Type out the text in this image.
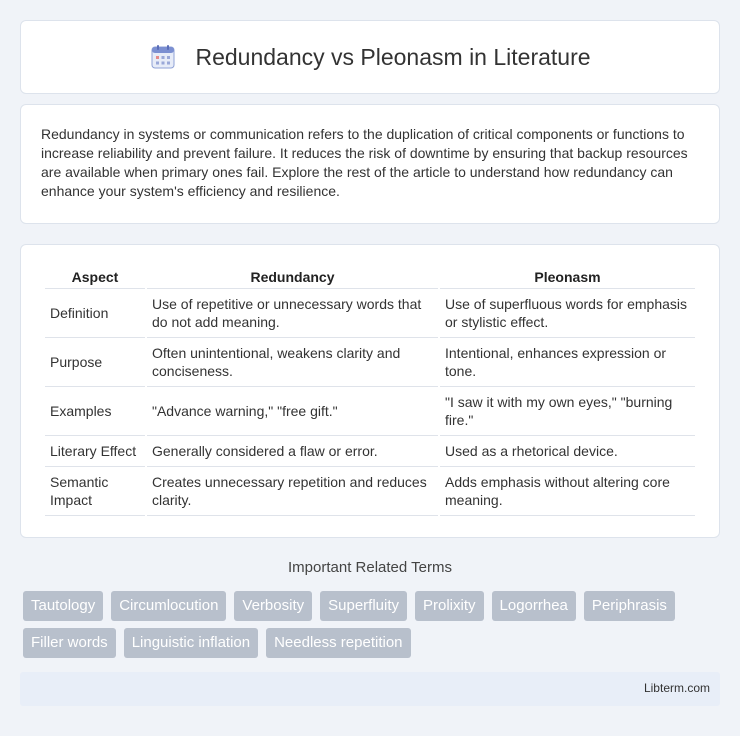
Redundancy vs Pleonasm in Literature

Redundancy in systems or communication refers to the duplication of critical components or functions to increase reliability and prevent failure. It reduces the risk of downtime by ensuring that backup resources are available when primary ones fail. Explore the rest of the article to understand how redundancy can enhance your system's efficiency and resilience.

Aspect	Redundancy	Pleonasm
Definition	Use of repetitive or unnecessary words that do not add meaning.	Use of superfluous words for emphasis or stylistic effect.
Purpose	Often unintentional, weakens clarity and conciseness.	Intentional, enhances expression or tone.
Examples	"Advance warning," "free gift."	"I saw it with my own eyes," "burning fire."
Literary Effect	Generally considered a flaw or error.	Used as a rhetorical device.
Semantic Impact	Creates unnecessary repetition and reduces clarity.	Adds emphasis without altering core meaning.
Important Related Terms
Tautology	Circumlocution	Verbosity	Superfluity	Prolixity	Logorrhea	Periphrasis
Filler words	Linguistic inflation	Needless repetition
Libterm.com
